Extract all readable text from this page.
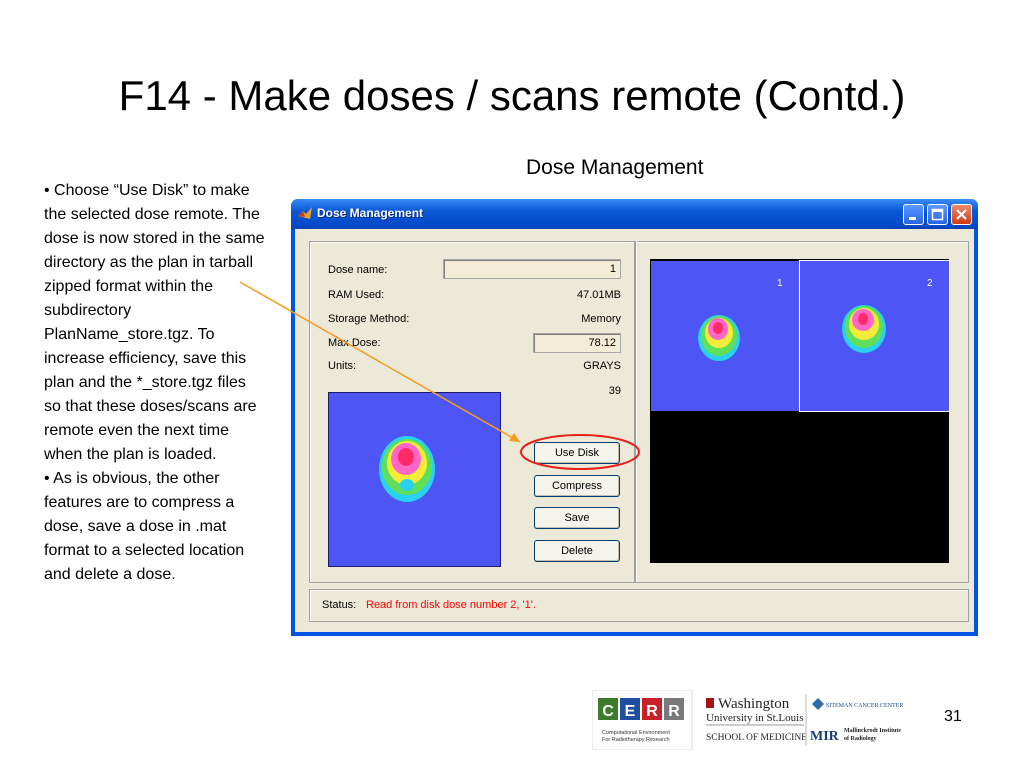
F14 - Make doses / scans remote (Contd.)
Dose Management

• Choose “Use Disk” to make the selected dose remote. The dose is now stored in the same directory as the plan in tarball zipped format within the subdirectory PlanName_store.tgz. To increase efficiency, save this plan and the *_store.tgz files so that these doses/scans are remote even the next time when the plan is loaded.

• As is obvious, the other features are to compress a dose, save a dose in .mat format to a selected location and delete a dose.

Dose Management
Dose name:	1
RAM Used:	47.01MB
Storage Method:	Memory
Max Dose:	78.12
Units:	GRAYS
39
Use Disk
Compress
Save
Delete
1	2
Status: Read from disk dose number 2, '1'.
C E R R
Computational Environment
For Radiotherapy Research
Washington
University in St.Louis
SCHOOL OF MEDICINE
SITEMAN CANCER CENTER
MIR Mallinckrodt Institute
of Radiology
31
